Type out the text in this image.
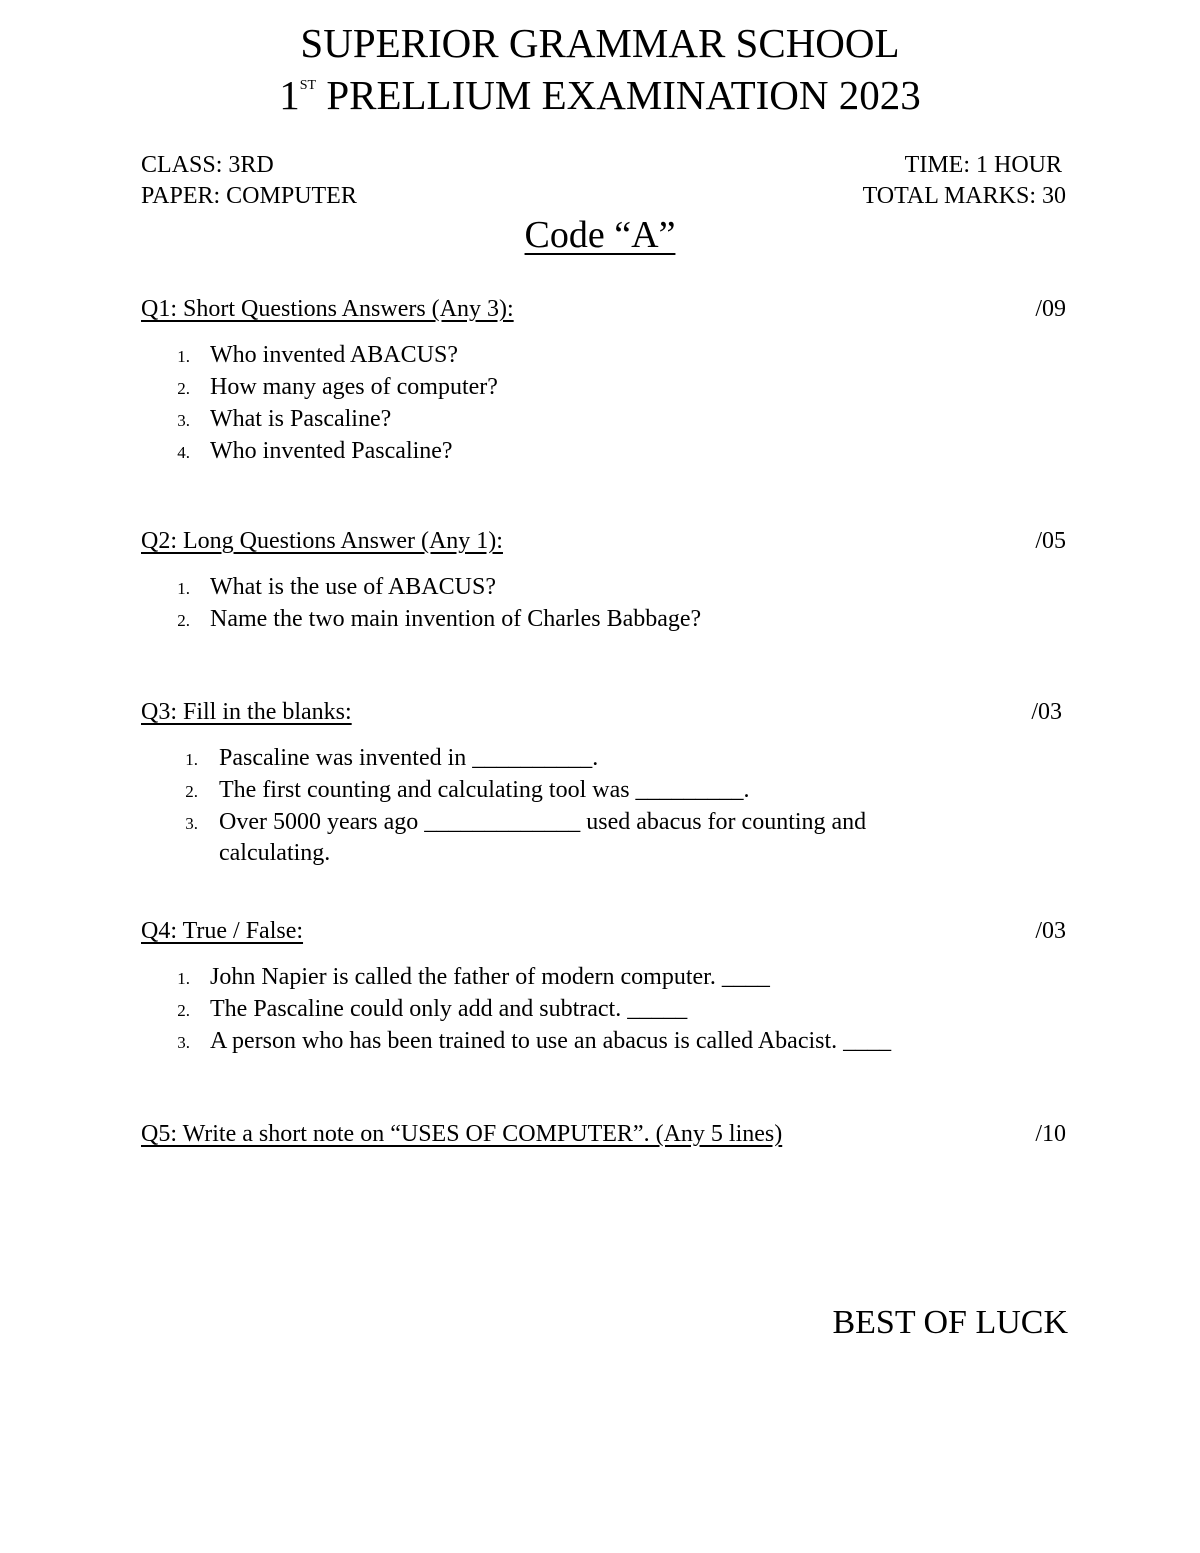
SUPERIOR GRAMMAR SCHOOL
1ST PRELLIUM EXAMINATION 2023
CLASS: 3RD
PAPER: COMPUTER
TIME: 1 HOUR
TOTAL MARKS: 30
Code “A”
Q1: Short Questions Answers (Any 3):	/09
1. Who invented ABACUS?
2. How many ages of computer?
3. What is Pascaline?
4. Who invented Pascaline?
Q2: Long Questions Answer (Any 1):	/05
1. What is the use of ABACUS?
2. Name the two main invention of Charles Babbage?
Q3: Fill in the blanks:	/03
1. Pascaline was invented in __________.
2. The first counting and calculating tool was _________.
3. Over 5000 years ago _____________ used abacus for counting and
calculating.
Q4: True / False:	/03
1. John Napier is called the father of modern computer. ____
2. The Pascaline could only add and subtract. _____
3. A person who has been trained to use an abacus is called Abacist. ____
Q5: Write a short note on “USES OF COMPUTER”. (Any 5 lines)	/10
BEST OF LUCK
